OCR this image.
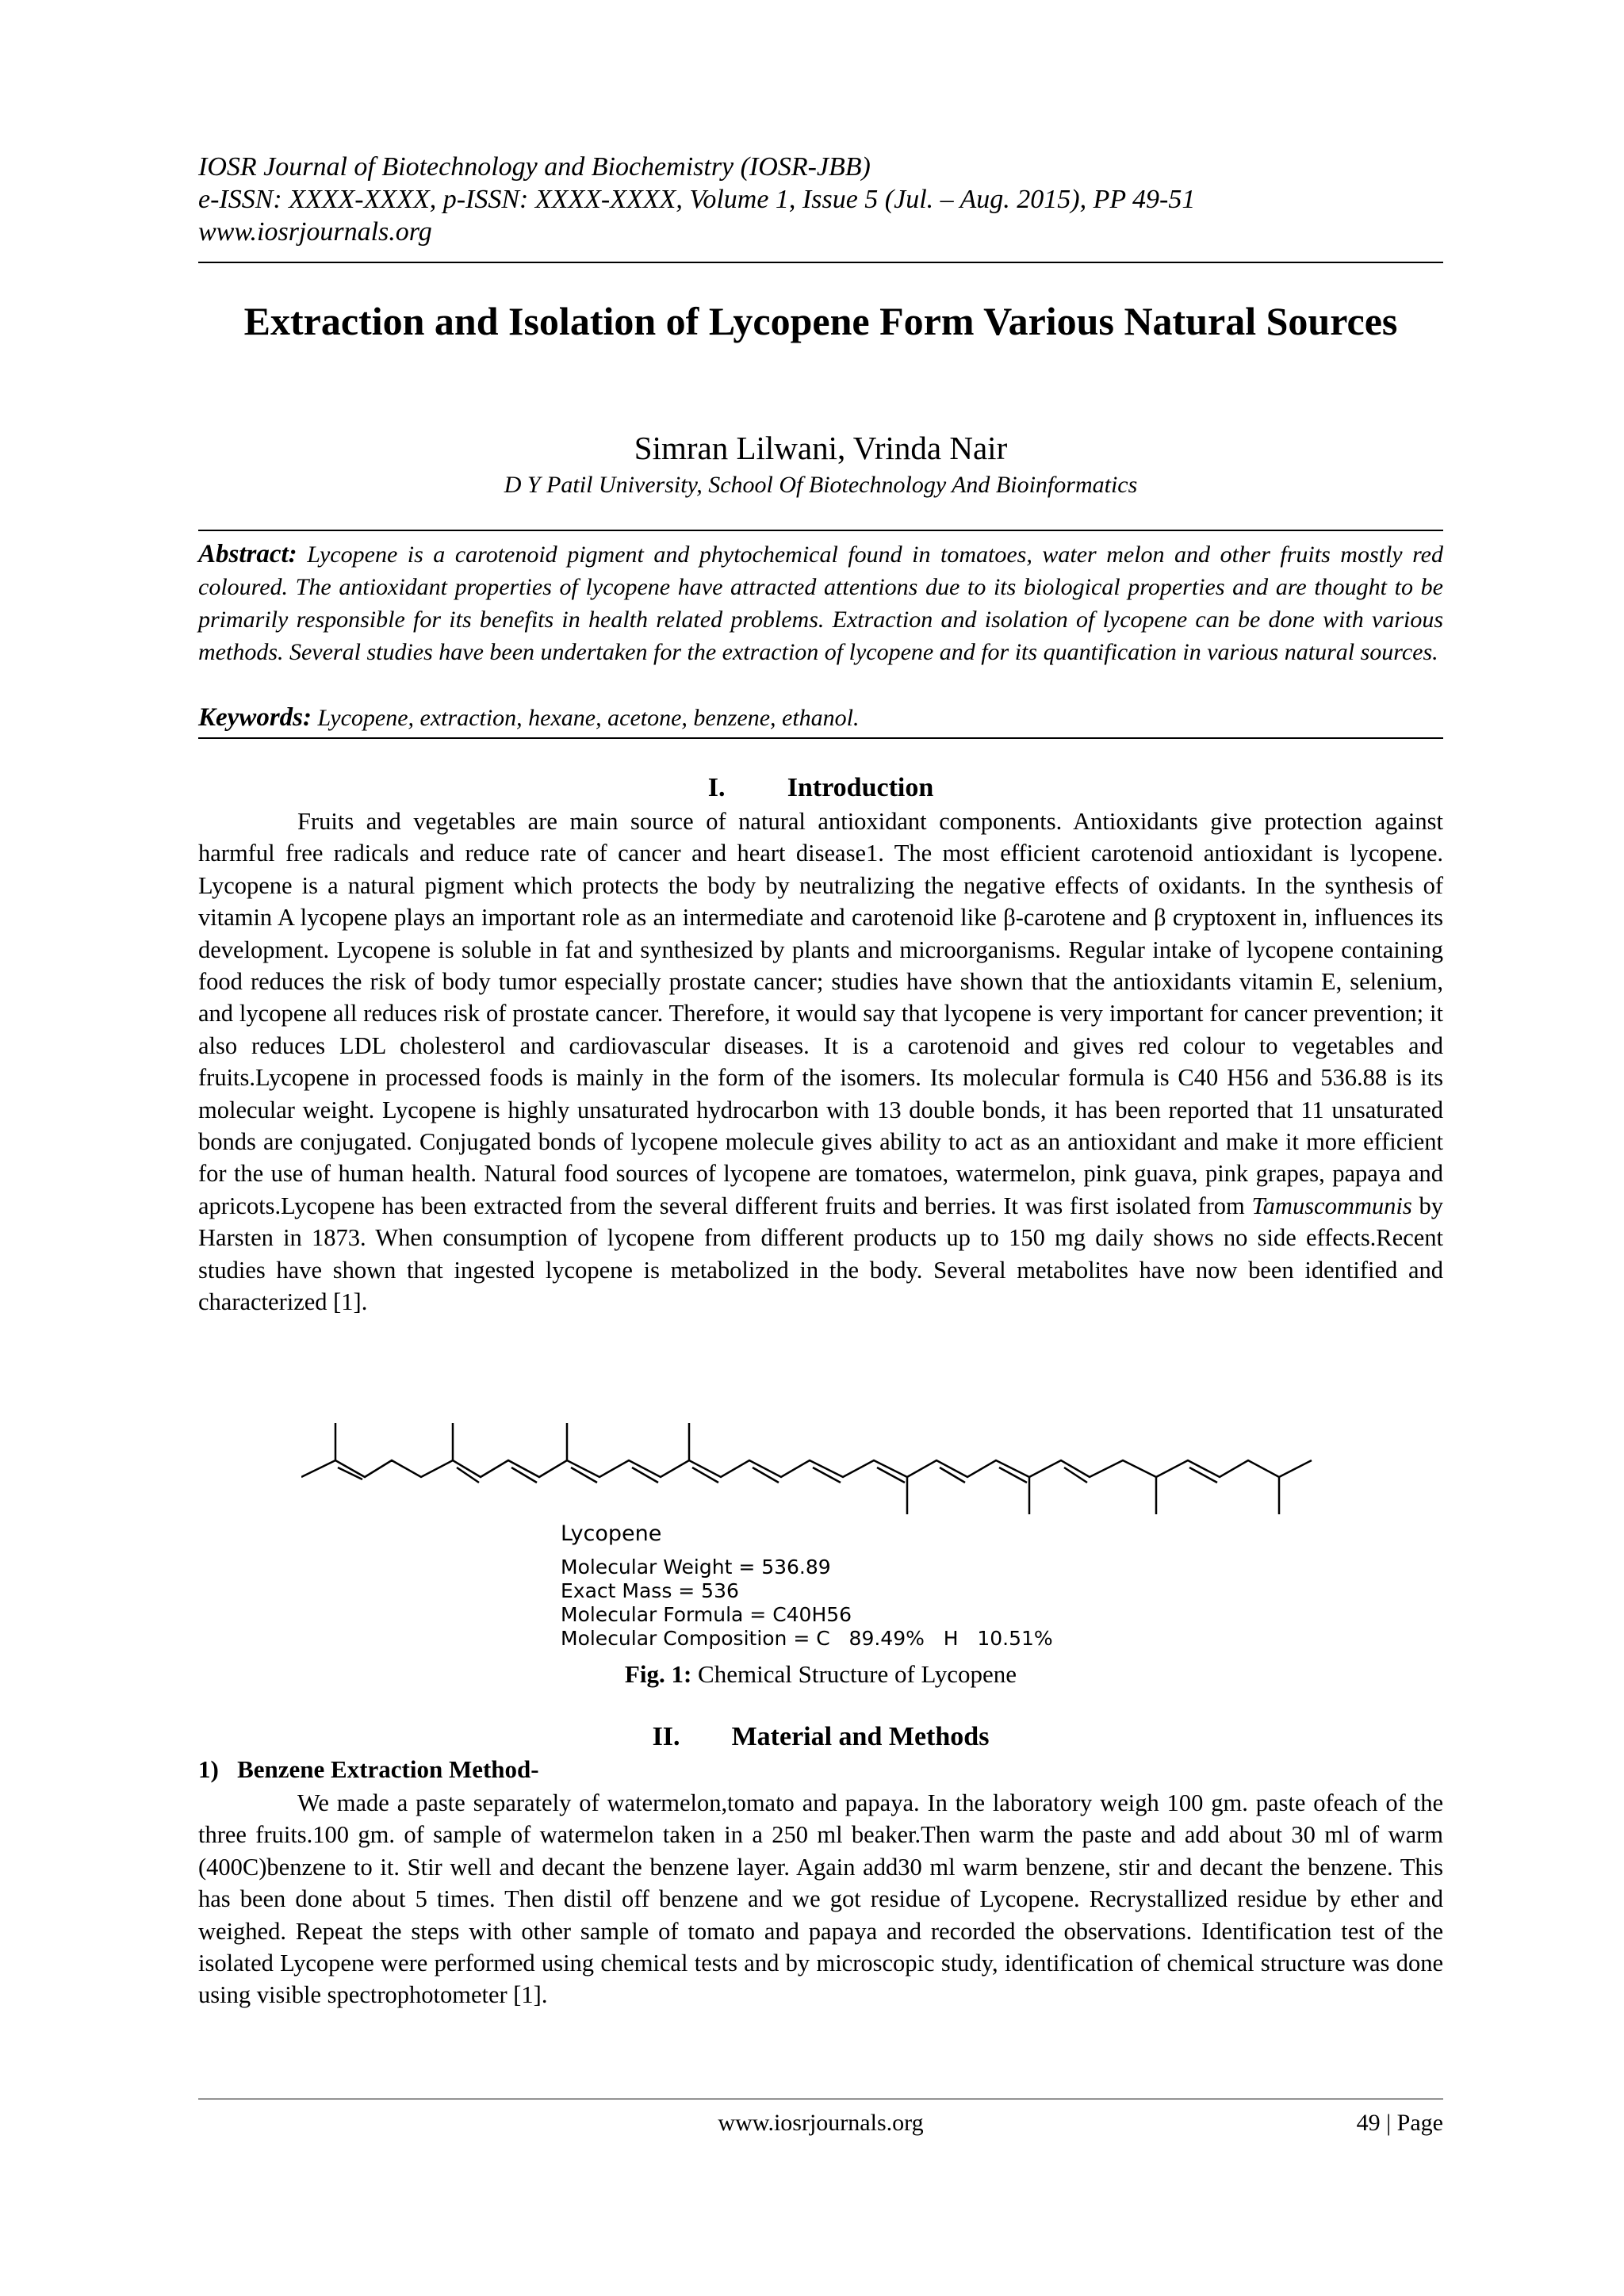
IOSR Journal of Biotechnology and Biochemistry (IOSR-JBB)
e-ISSN: XXXX-XXXX, p-ISSN: XXXX-XXXX, Volume 1, Issue 5 (Jul. – Aug. 2015), PP 49-51
www.iosrjournals.org
Extraction and Isolation of Lycopene Form Various Natural Sources
Simran Lilwani, Vrinda Nair
D Y Patil University, School Of Biotechnology And Bioinformatics
Abstract: Lycopene is a carotenoid pigment and phytochemical found in tomatoes, water melon and other fruits mostly red coloured. The antioxidant properties of lycopene have attracted attentions due to its biological properties and are thought to be primarily responsible for its benefits in health related problems. Extraction and isolation of lycopene can be done with various methods. Several studies have been undertaken for the extraction of lycopene and for its quantification in various natural sources.
Keywords: Lycopene, extraction, hexane, acetone, benzene, ethanol.
I. Introduction

Fruits and vegetables are main source of natural antioxidant components. Antioxidants give protection against harmful free radicals and reduce rate of cancer and heart disease1. The most efficient carotenoid antioxidant is lycopene. Lycopene is a natural pigment which protects the body by neutralizing the negative effects of oxidants. In the synthesis of vitamin A lycopene plays an important role as an intermediate and carotenoid like β-carotene and β cryptoxent in, influences its development. Lycopene is soluble in fat and synthesized by plants and microorganisms. Regular intake of lycopene containing food reduces the risk of body tumor especially prostate cancer; studies have shown that the antioxidants vitamin E, selenium, and lycopene all reduces risk of prostate cancer. Therefore, it would say that lycopene is very important for cancer prevention; it also reduces LDL cholesterol and cardiovascular diseases. It is a carotenoid and gives red colour to vegetables and fruits.Lycopene in processed foods is mainly in the form of the isomers. Its molecular formula is C40 H56 and 536.88 is its molecular weight. Lycopene is highly unsaturated hydrocarbon with 13 double bonds, it has been reported that 11 unsaturated bonds are conjugated. Conjugated bonds of lycopene molecule gives ability to act as an antioxidant and make it more efficient for the use of human health. Natural food sources of lycopene are tomatoes, watermelon, pink guava, pink grapes, papaya and apricots.Lycopene has been extracted from the several different fruits and berries. It was first isolated from Tamuscommunis by Harsten in 1873. When consumption of lycopene from different products up to 150 mg daily shows no side effects.Recent studies have shown that ingested lycopene is metabolized in the body. Several metabolites have now been identified and characterized [1].

Lycopene
Molecular Weight = 536.89
Exact Mass = 536
Molecular Formula = C40H56
Molecular Composition = C   89.49%   H   10.51%
Fig. 1: Chemical Structure of Lycopene
II. Material and Methods
1)   Benzene Extraction Method-

We made a paste separately of watermelon,tomato and papaya. In the laboratory weigh 100 gm. paste ofeach of the three fruits.100 gm. of sample of watermelon taken in a 250 ml beaker.Then warm the paste and add about 30 ml of warm (400C)benzene to it. Stir well and decant the benzene layer. Again add30 ml warm benzene, stir and decant the benzene. This has been done about 5 times. Then distil off benzene and we got residue of Lycopene. Recrystallized residue by ether and weighed. Repeat the steps with other sample of tomato and papaya and recorded the observations. Identification test of the isolated Lycopene were performed using chemical tests and by microscopic study, identification of chemical structure was done using visible spectrophotometer [1].

www.iosrjournals.org	49 | Page
